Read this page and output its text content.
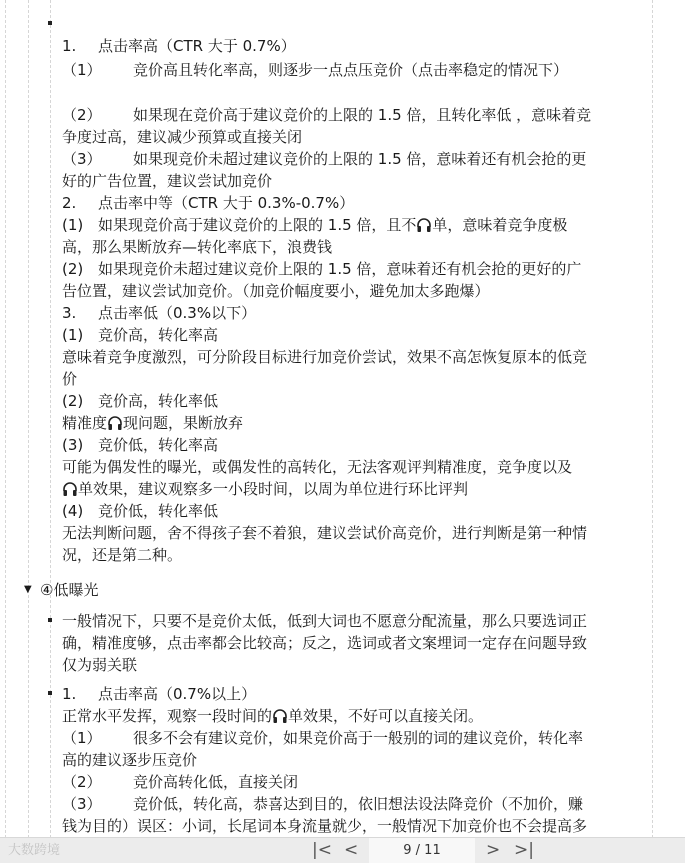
1. 点击率高（CTR 大于 0.7%）
（1） 竞价高且转化率高，则逐步一点点压竞价（点击率稳定的情况下）
（2） 如果现在竞价高于建议竞价的上限的 1.5 倍，且转化率低 ，意味着竞
争度过高，建议减少预算或直接关闭
（3） 如果现竞价未超过建议竞价的上限的 1.5 倍，意味着还有机会抢的更
好的广告位置，建议尝试加竞价
2. 点击率中等（CTR 大于 0.3%-0.7%）
(1) 如果现竞价高于建议竞价的上限的 1.5 倍，且不 单，意味着竞争度极
高，那么果断放弃—转化率底下，浪费钱
(2) 如果现竞价未超过建议竞价上限的 1.5 倍，意味着还有机会抢的更好的广
告位置，建议尝试加竞价。（加竞价幅度要小，避免加太多跑爆）
3. 点击率低（0.3%以下）
(1) 竞价高，转化率高
意味着竞争度激烈，可分阶段目标进行加竞价尝试，效果不高怎恢复原本的低竞
价
(2) 竞价高，转化率低
精准度 现问题，果断放弃
(3) 竞价低，转化率高
可能为偶发性的曝光，或偶发性的高转化，无法客观评判精准度，竞争度以及
单效果，建议观察多一小段时间，以周为单位进行环比评判
(4) 竞价低，转化率低
无法判断问题，舍不得孩子套不着狼，建议尝试价高竞价，进行判断是第一种情
况，还是第二种。
▼ ④低曝光
一般情况下，只要不是竞价太低，低到大词也不愿意分配流量，那么只要选词正
确，精准度够，点击率都会比较高；反之，选词或者文案埋词一定存在问题导致
仅为弱关联
1. 点击率高（0.7%以上）
正常水平发挥，观察一段时间的 单效果，不好可以直接关闭。
（1） 很多不会有建议竞价，如果竞价高于一般别的词的建议竞价，转化率
高的建议逐步压竞价
（2） 竞价高转化低，直接关闭
（3） 竞价低，转化高，恭喜达到目的，依旧想法设法降竞价（不加价，赚
钱为目的）误区：小词，长尾词本身流量就少，一般情况下加竞价也不会提高多
大数跨境	|< <	9 / 11	> >|
